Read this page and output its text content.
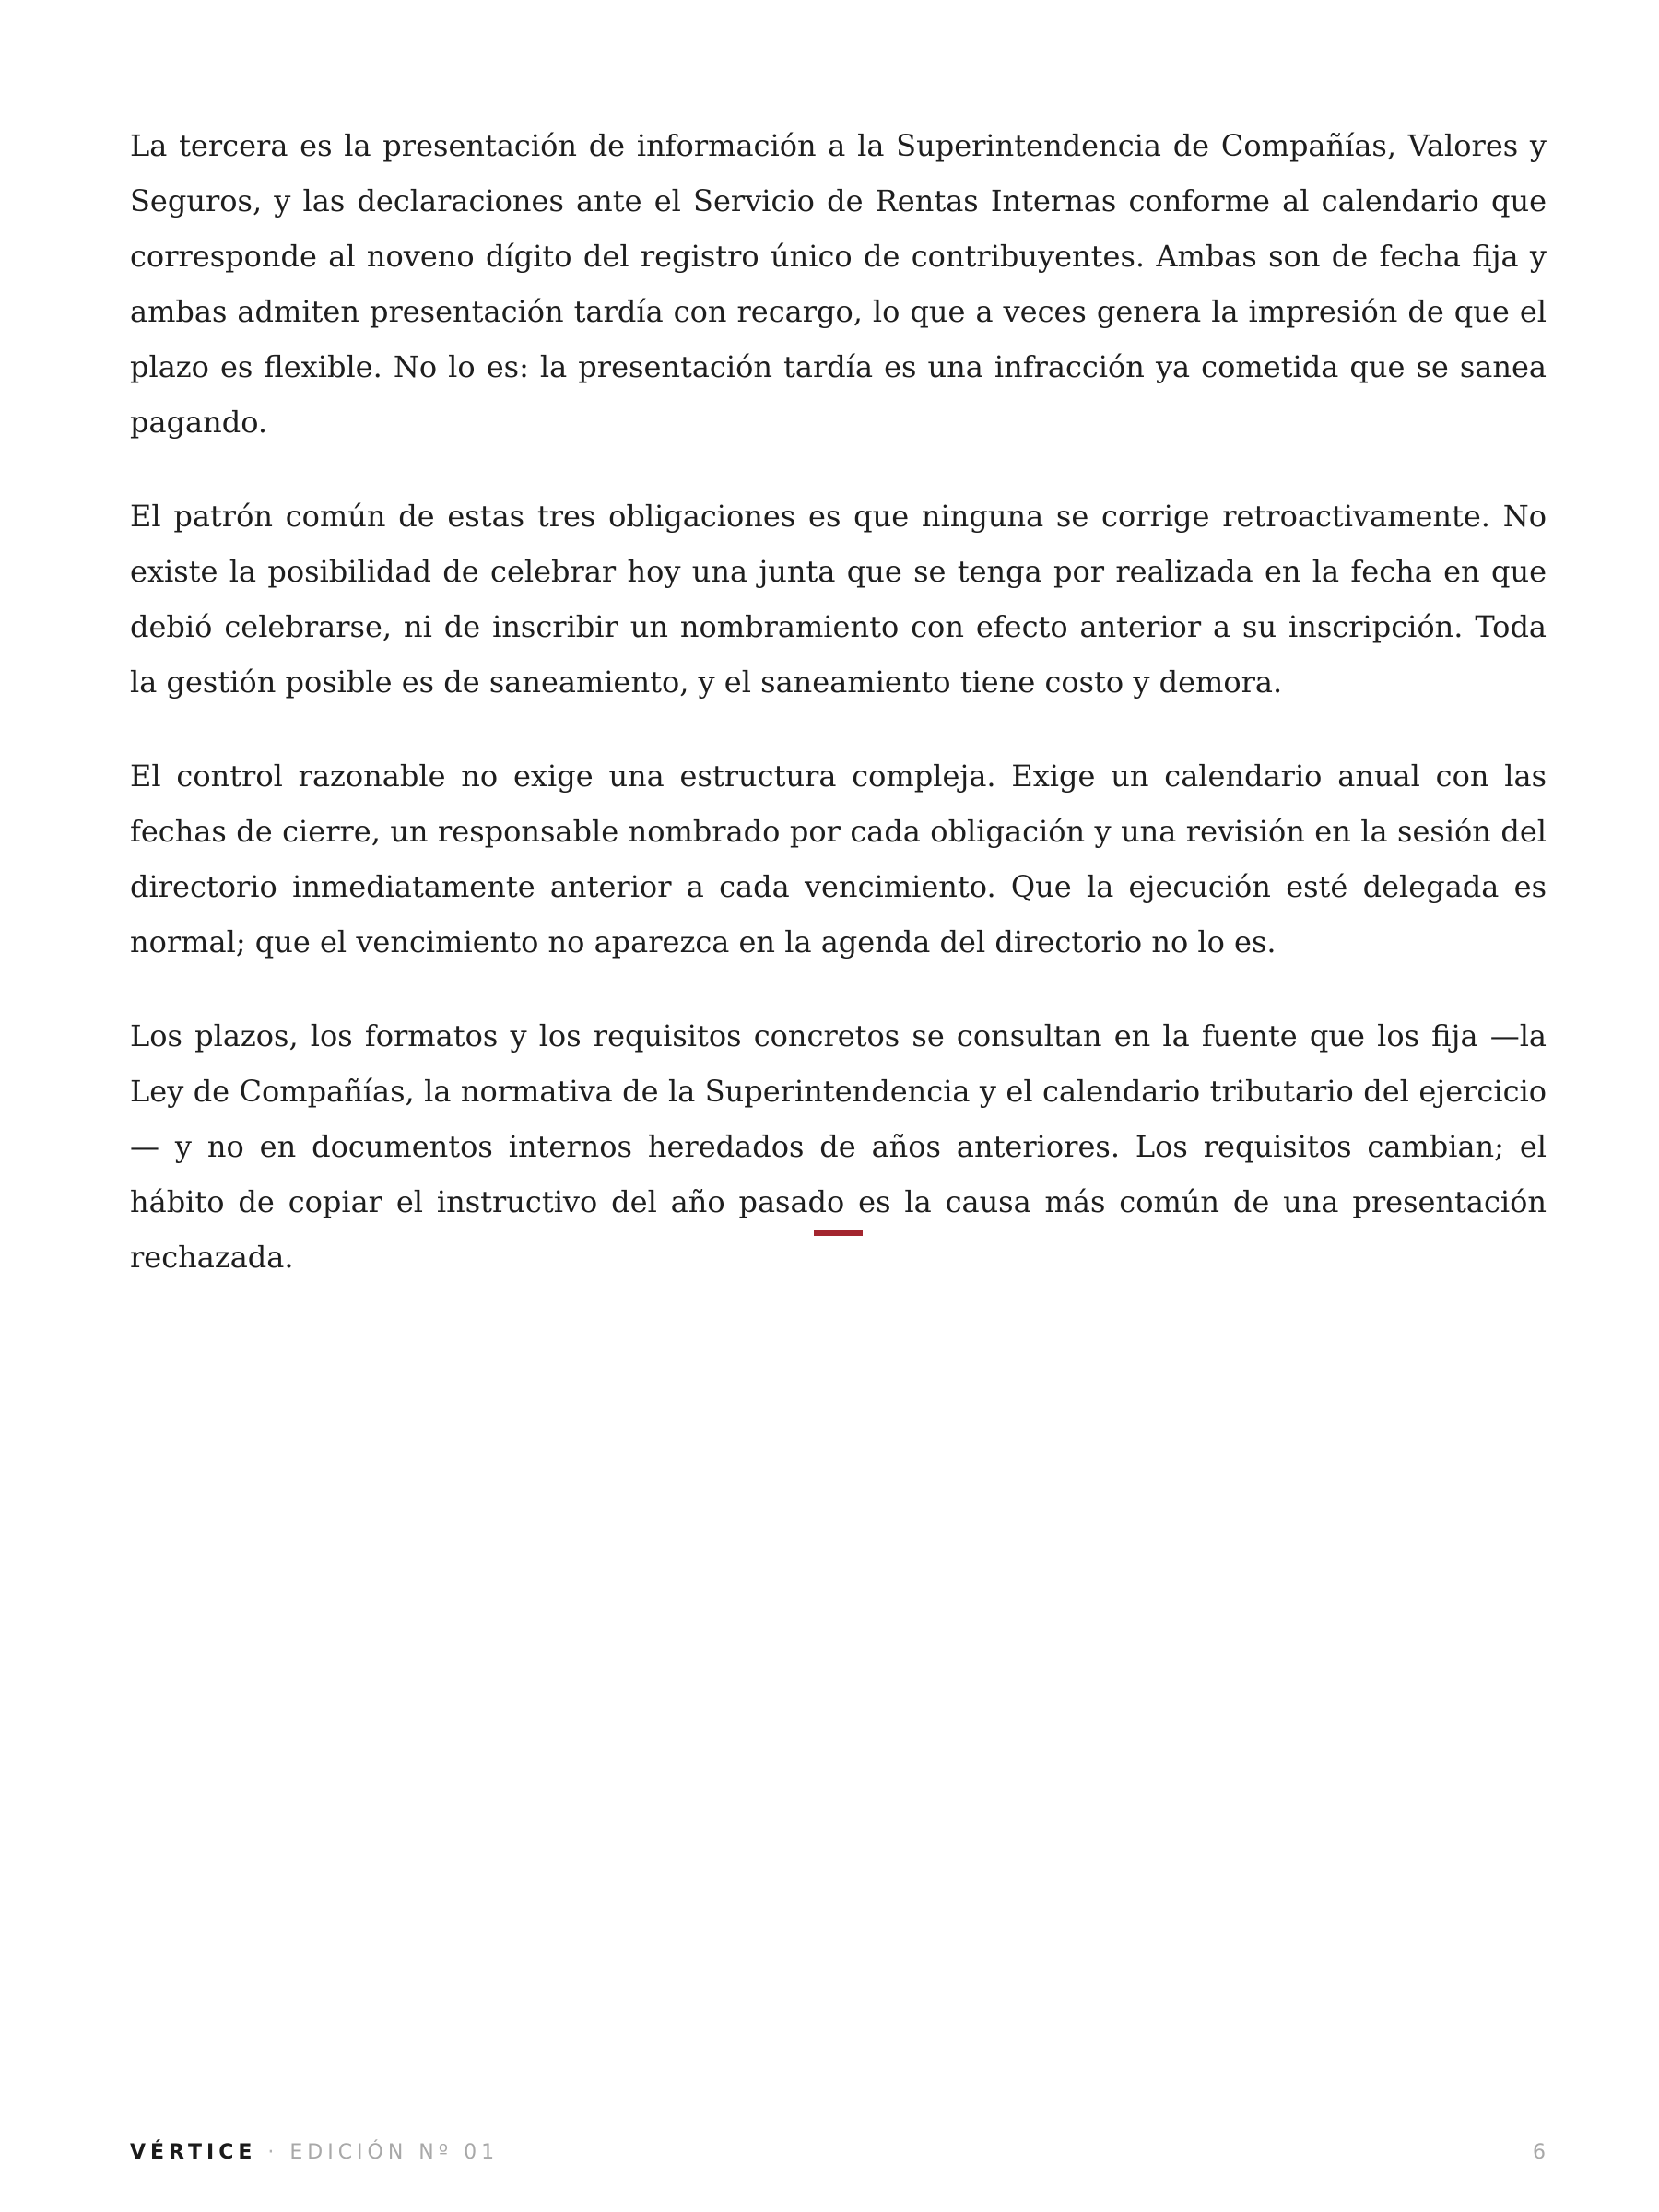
La tercera es la presentación de información a la Superintendencia de Compañías, Valores y Seguros, y las declaraciones ante el Servicio de Rentas Internas conforme al calendario que corresponde al noveno dígito del registro único de contribuyentes. Ambas son de fecha fija y ambas admiten presentación tardía con recargo, lo que a veces genera la impresión de que el plazo es flexible. No lo es: la presentación tardía es una infracción ya cometida que se sanea pagando.

El patrón común de estas tres obligaciones es que ninguna se corrige retroactivamente. No existe la posibilidad de celebrar hoy una junta que se tenga por realizada en la fecha en que debió celebrarse, ni de inscribir un nombramiento con efecto anterior a su inscripción. Toda la gestión posible es de saneamiento, y el saneamiento tiene costo y demora.

El control razonable no exige una estructura compleja. Exige un calendario anual con las fechas de cierre, un responsable nombrado por cada obligación y una revisión en la sesión del directorio inmediatamente anterior a cada vencimiento. Que la ejecución esté delegada es normal; que el vencimiento no aparezca en la agenda del directorio no lo es.

Los plazos, los formatos y los requisitos concretos se consultan en la fuente que los fija —la Ley de Compañías, la normativa de la Superintendencia y el calendario tributario del ejercicio— y no en documentos internos heredados de años anteriores. Los requisitos cambian; el hábito de copiar el instructivo del año pasado es la causa más común de una presentación rechazada.

VÉRTICE · EDICIÓN Nº 01	6
